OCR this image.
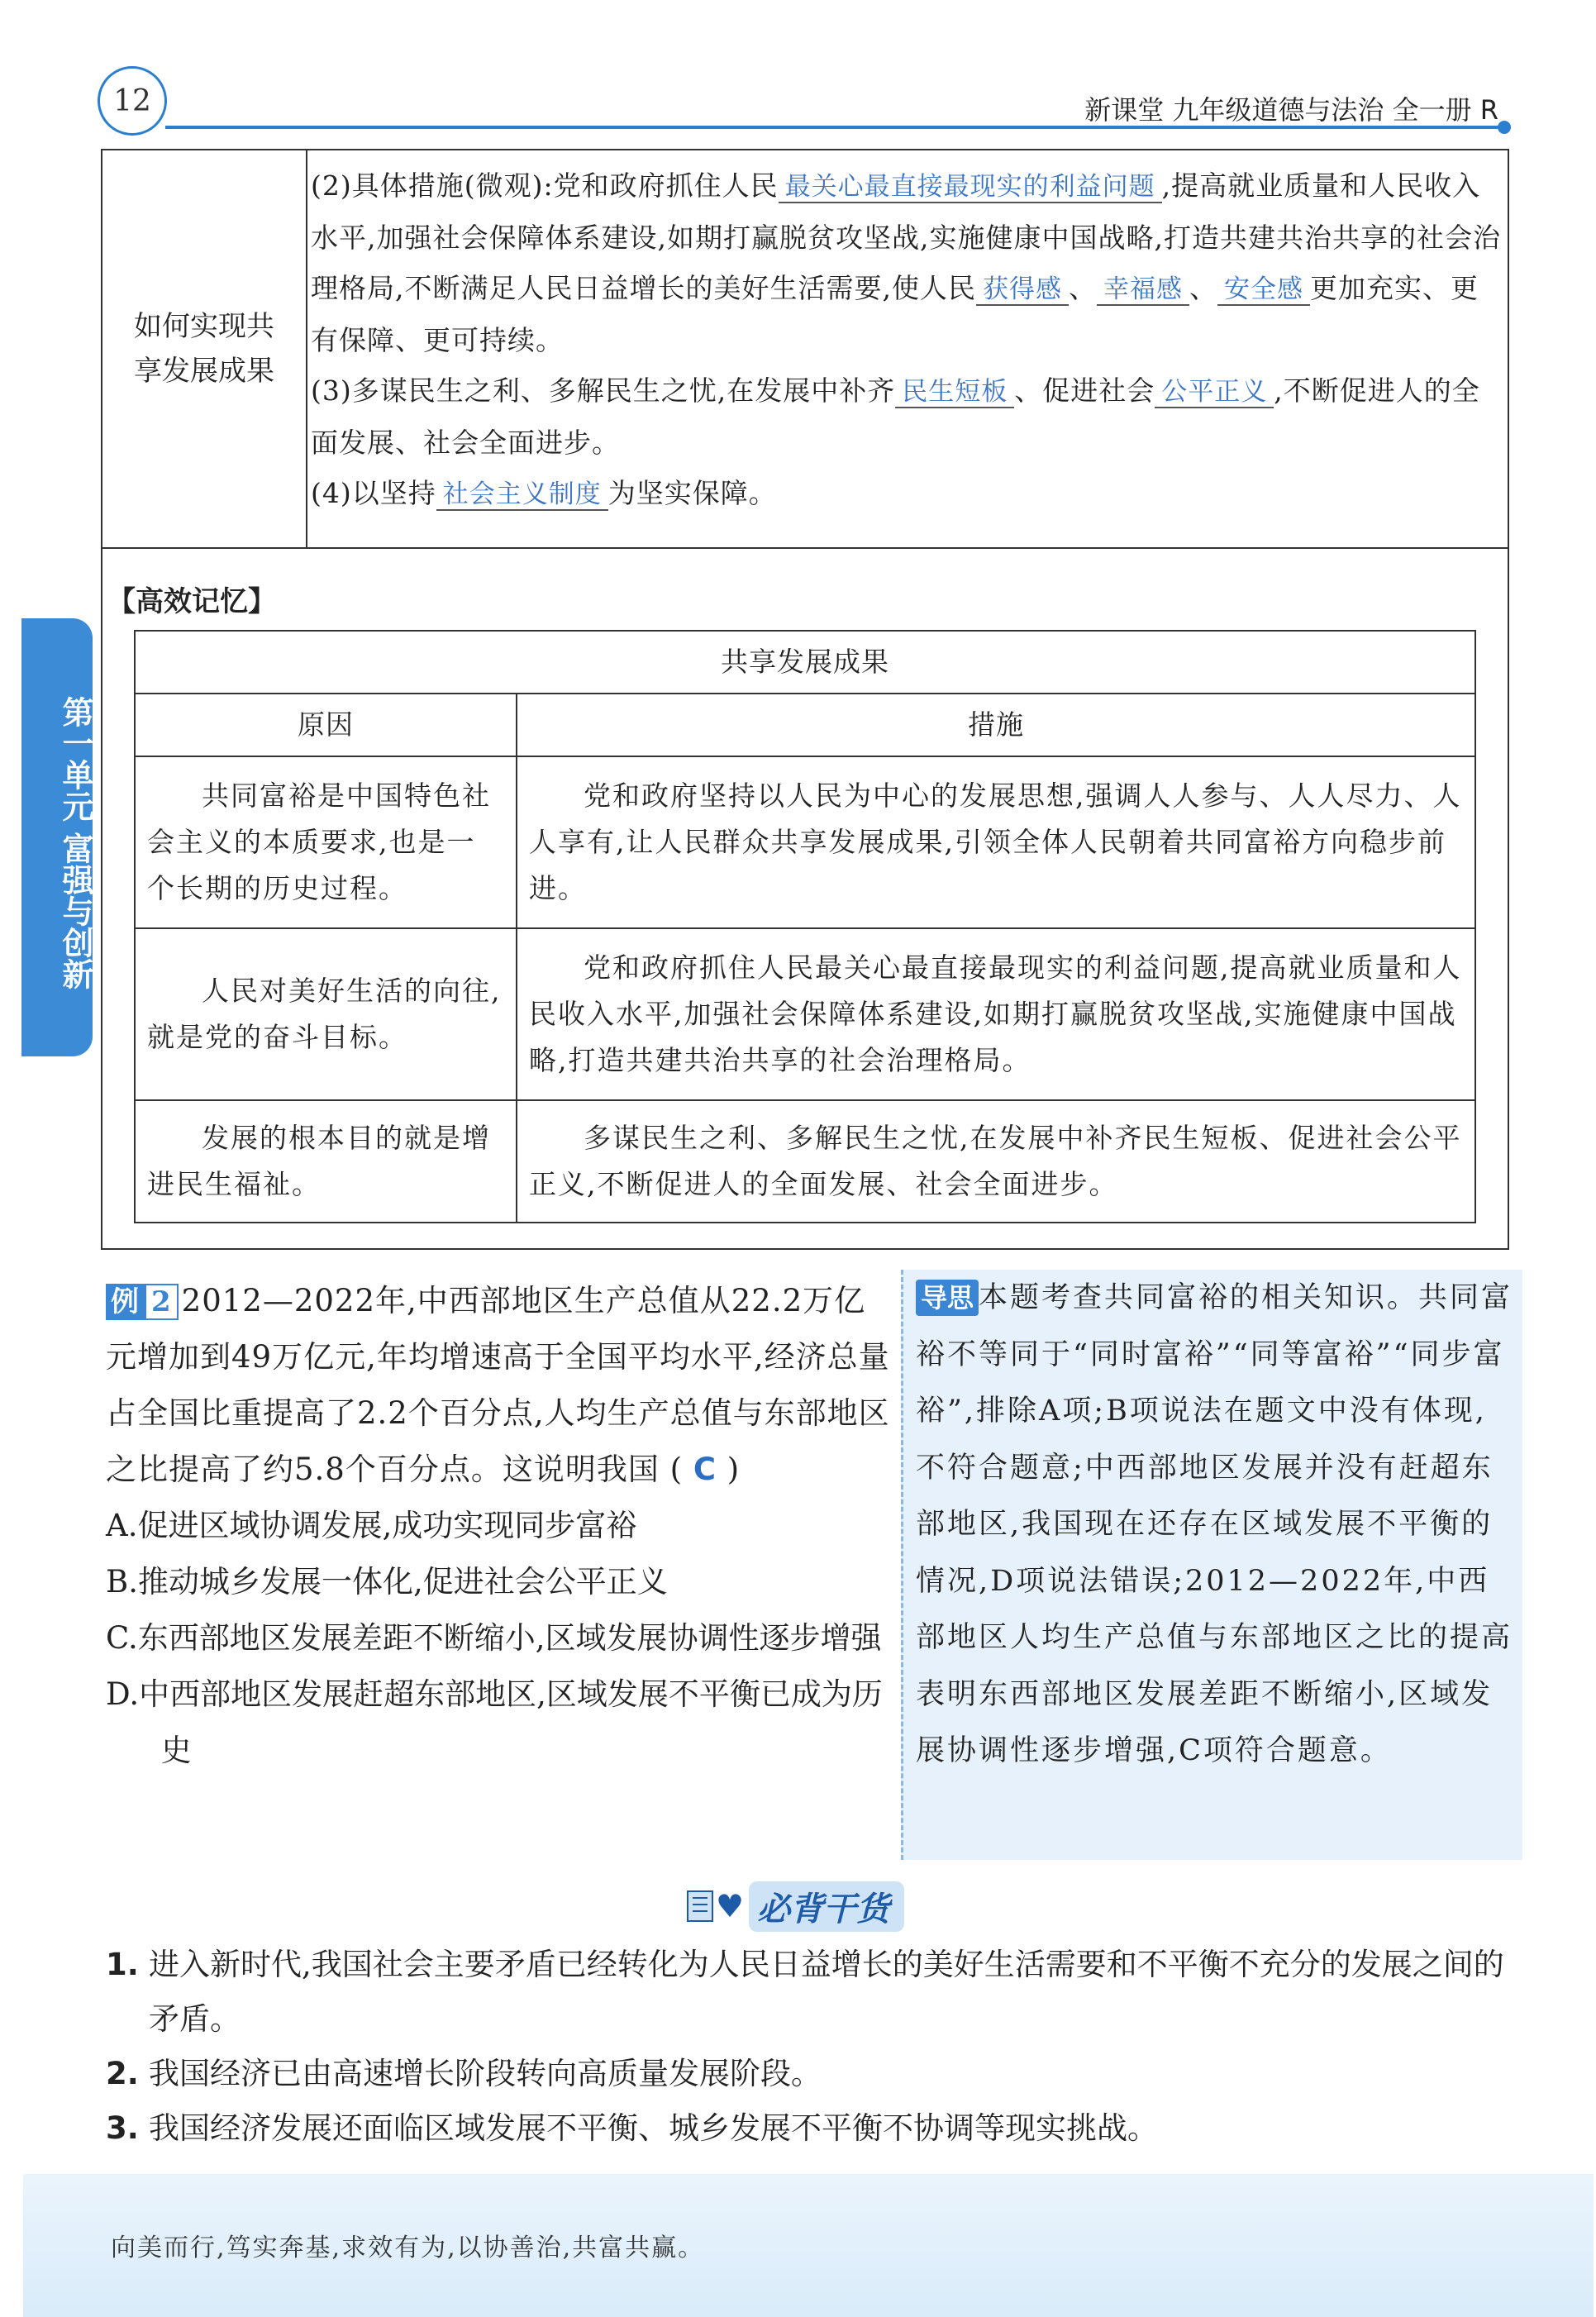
12	新课堂 九年级道德与法治 全一册 R
第一单元 富强与创新
如何实现共享发展成果
(2)具体措施(微观):党和政府抓住人民 最关心最直接最现实的利益问题 ,提高就业质量和人民收入水平,加强社会保障体系建设,如期打赢脱贫攻坚战,实施健康中国战略,打造共建共治共享的社会治理格局,不断满足人民日益增长的美好生活需要,使人民 获得感 、 幸福感 、 安全感 更加充实、更有保障、更可持续。
(3)多谋民生之利、多解民生之忧,在发展中补齐 民生短板 、促进社会 公平正义 ,不断促进人的全面发展、社会全面进步。
(4)以坚持 社会主义制度 为坚实保障。
【高效记忆】
共享发展成果	
原因	措施
共同富裕是中国特色社会主义的本质要求,也是一个长期的历史过程。	党和政府坚持以人民为中心的发展思想,强调人人参与、人人尽力、人人享有,让人民群众共享发展成果,引领全体人民朝着共同富裕方向稳步前进。
人民对美好生活的向往,就是党的奋斗目标。	党和政府抓住人民最关心最直接最现实的利益问题,提高就业质量和人民收入水平,加强社会保障体系建设,如期打赢脱贫攻坚战,实施健康中国战略,打造共建共治共享的社会治理格局。
发展的根本目的就是增进民生福祉。	多谋民生之利、多解民生之忧,在发展中补齐民生短板、促进社会公平正义,不断促进人的全面发展、社会全面进步。
例 2 2012—2022年,中西部地区生产总值从22.2万亿元增加到49万亿元,年均增速高于全国平均水平,经济总量占全国比重提高了2.2个百分点,人均生产总值与东部地区之比提高了约5.8个百分点。这说明我国 ( C )
A.促进区域协调发展,成功实现同步富裕
B.推动城乡发展一体化,促进社会公平正义
C.东西部地区发展差距不断缩小,区域发展协调性逐步增强
D.中西部地区发展赶超东部地区,区域发展不平衡已成为历史
导思 本题考查共同富裕的相关知识。共同富裕不等同于“同时富裕”“同等富裕”“同步富裕”,排除A项;B项说法在题文中没有体现,不符合题意;中西部地区发展并没有赶超东部地区,我国现在还存在区域发展不平衡的情况,D项说法错误;2012—2022年,中西部地区人均生产总值与东部地区之比的提高表明东西部地区发展差距不断缩小,区域发展协调性逐步增强,C项符合题意。
♥ 必背干货
1. 进入新时代,我国社会主要矛盾已经转化为人民日益增长的美好生活需要和不平衡不充分的发展之间的矛盾。
2. 我国经济已由高速增长阶段转向高质量发展阶段。
3. 我国经济发展还面临区域发展不平衡、城乡发展不平衡不协调等现实挑战。
向美而行,笃实奔基,求效有为,以协善治,共富共赢。
